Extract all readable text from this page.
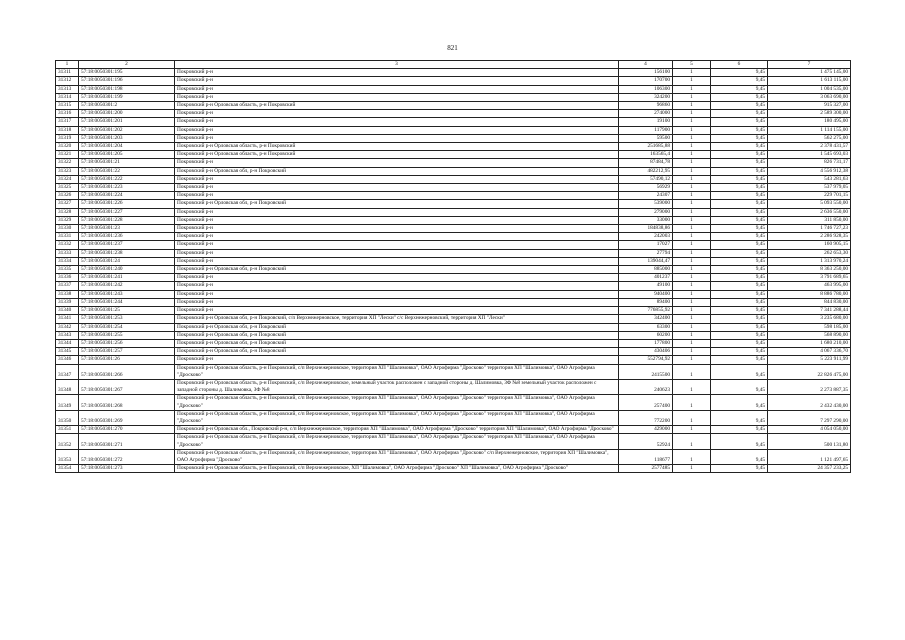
821
1	2	3	4	5	6	7
31311	57:18:0050301:195	Покровский р-н	156100	1	9,45	1 475 145,00
31312	57:18:0050301:196	Покровский р-н	170700	1	9,45	1 613 115,00
31313	57:18:0050301:198	Покровский р-н	106300	1	9,45	1 004 535,00
31314	57:18:0050301:199	Покровский р-н	324200	1	9,45	3 063 690,00
31315	57:18:0050301:2	Покровский р-н Орловская область, р-н Покровский	96860	1	9,45	915 327,00
31316	57:18:0050301:200	Покровский р-н	274000	1	9,45	2 589 300,00
31317	57:18:0050301:201	Покровский р-н	19100	1	9,45	180 495,00
31318	57:18:0050301:202	Покровский р-н	117900	1	9,45	1 114 155,00
31319	57:18:0050301:203	Покровский р-н	59500	1	9,45	562 275,00
31320	57:18:0050301:204	Покровский р-н Орловская область, р-н Покровский	251685,88	1	9,45	2 378 431,57
31321	57:18:0050301:205	Покровский р-н Орловская область, р-н Покровский	163565,4	1	9,45	1 545 693,03
31322	57:18:0050301:21	Покровский р-н	87484,78	1	9,45	826 731,17
31323	57:18:0050301:22	Покровский р-н Орловская обл, р-н Покровский	482212,95	1	9,45	4 556 912,38
31324	57:18:0050301:222	Покровский р-н	57490,12	1	9,45	543 281,63
31325	57:18:0050301:223	Покровский р-н	56929	1	9,45	537 979,05
31326	57:18:0050301:224	Покровский р-н	24307	1	9,45	229 701,15
31327	57:18:0050301:226	Покровский р-н Орловская обл, р-н Покровский	539000	1	9,45	5 093 550,00
31328	57:18:0050301:227	Покровский р-н	279000	1	9,45	2 636 550,00
31329	57:18:0050301:228	Покровский р-н	33000	1	9,45	311 850,00
31330	57:18:0050301:23	Покровский р-н	184838,86	1	9,45	1 746 727,23
31331	57:18:0050301:236	Покровский р-н	242003	1	9,45	2 286 928,35
31332	57:18:0050301:237	Покровский р-н	17027	1	9,45	160 905,15
31333	57:18:0050301:238	Покровский р-н	27794	1	9,45	262 653,30
31334	57:18:0050301:24	Покровский р-н	139044,47	1	9,45	1 313 970,24
31335	57:18:0050301:240	Покровский р-н Орловская обл, р-н Покровский	885000	1	9,45	8 363 250,00
31336	57:18:0050301:241	Покровский р-н	401237	1	9,45	3 791 689,65
31337	57:18:0050301:242	Покровский р-н	49100	1	9,45	463 995,00
31338	57:18:0050301:243	Покровский р-н	940400	1	9,45	8 886 780,00
31339	57:18:0050301:244	Покровский р-н	89400	1	9,45	844 830,00
31340	57:18:0050301:25	Покровский р-н	776855,92	1	9,45	7 341 288,44
31341	57:18:0050301:253	Покровский р-н Орловская обл, р-н Покровский, с/п Верхнежерновское, территория ХП "Лески" с/с Верхнежерновский, территория ХП "Лески"	342400	1	9,45	3 235 680,00
31342	57:18:0050301:254	Покровский р-н Орловская обл, р-н Покровский	63300	1	9,45	598 185,00
31343	57:18:0050301:255	Покровский р-н Орловская обл, р-н Покровский	60200	1	9,45	568 890,00
31344	57:18:0050301:256	Покровский р-н Орловская обл, р-н Покровский	177800	1	9,45	1 680 210,00
31345	57:18:0050301:257	Покровский р-н Орловская обл, р-н Покровский	430406	1	9,45	4 067 336,70
31346	57:18:0050301:26	Покровский р-н	552794,92	1	9,45	5 223 911,99
31347	57:18:0050301:266	Покровский р-н Орловская область, р-н Покровский, с/п Верхнежерновское, территория ХП "Шалимовка", ОАО Агрофирма "Дросково" территория ХП "Шалимовка", ОАО Агрофирма "Дросково"	2415500	1	9,45	22 826 475,00
31348	57:18:0050301:267	Покровский р-н Орловская область, р-н Покровский, с/п Верхнежерновское, земельный участок расположен с западной стороны д. Шалимовка, ЗФ №8 земельный участок расположен с западной стороны д. Шалимовка, ЗФ №8	240623	1	9,45	2 273 887,35
31349	57:18:0050301:268	Покровский р-н Орловская область, р-н Покровский, с/п Верхнежерновское, территория ХП "Шалимовка", ОАО Агрофирма "Дросково" территория ХП "Шалимовка", ОАО Агрофирма "Дросково"	257400	1	9,45	2 432 430,00
31350	57:18:0050301:269	Покровский р-н Орловская область, р-н Покровский, с/п Верхнежерновское, территория ХП "Шалимовка", ОАО Агрофирма "Дросково" территория ХП "Шалимовка", ОАО Агрофирма "Дросково"	772200	1	9,45	7 297 290,00
31351	57:18:0050301:270	Покровский р-н Орловская обл., Покровский р-н, с/п Верхнежерновское, территория ХП "Шалимовка", ОАО Агрофирма "Дросково" территория ХП "Шалимовка", ОАО Агрофирма "Дросково"	429000	1	9,45	4 054 050,00
31352	57:18:0050301:271	Покровский р-н Орловская область, р-н Покровский, с/п Верхнежерновское, территория ХП "Шалимовка", ОАО Агрофирма "Дросково" территория ХП "Шалимовка", ОАО Агрофирма "Дросково"	52924	1	9,45	500 131,80
31353	57:18:0050301:272	Покровский р-н Орловская область, р-н Покровский, с/п Верхнежерновское, территория ХП "Шалимовка", ОАО Агрофирма "Дросково" с/п Верхнежерновское, территория ХП "Шалимовка", ОАО Агрофирма "Дросково"	118677	1	9,45	1 121 497,65
31354	57:18:0050301:273	Покровский р-н Орловская область, р-н Покровский, с/п Верхнежерновское, ХП "Шалимовка", ОАО Агрофирма "Дросково" ХП "Шалимовка", ОАО Агрофирма "Дросково"	2577485	1	9,45	24 357 233,25
